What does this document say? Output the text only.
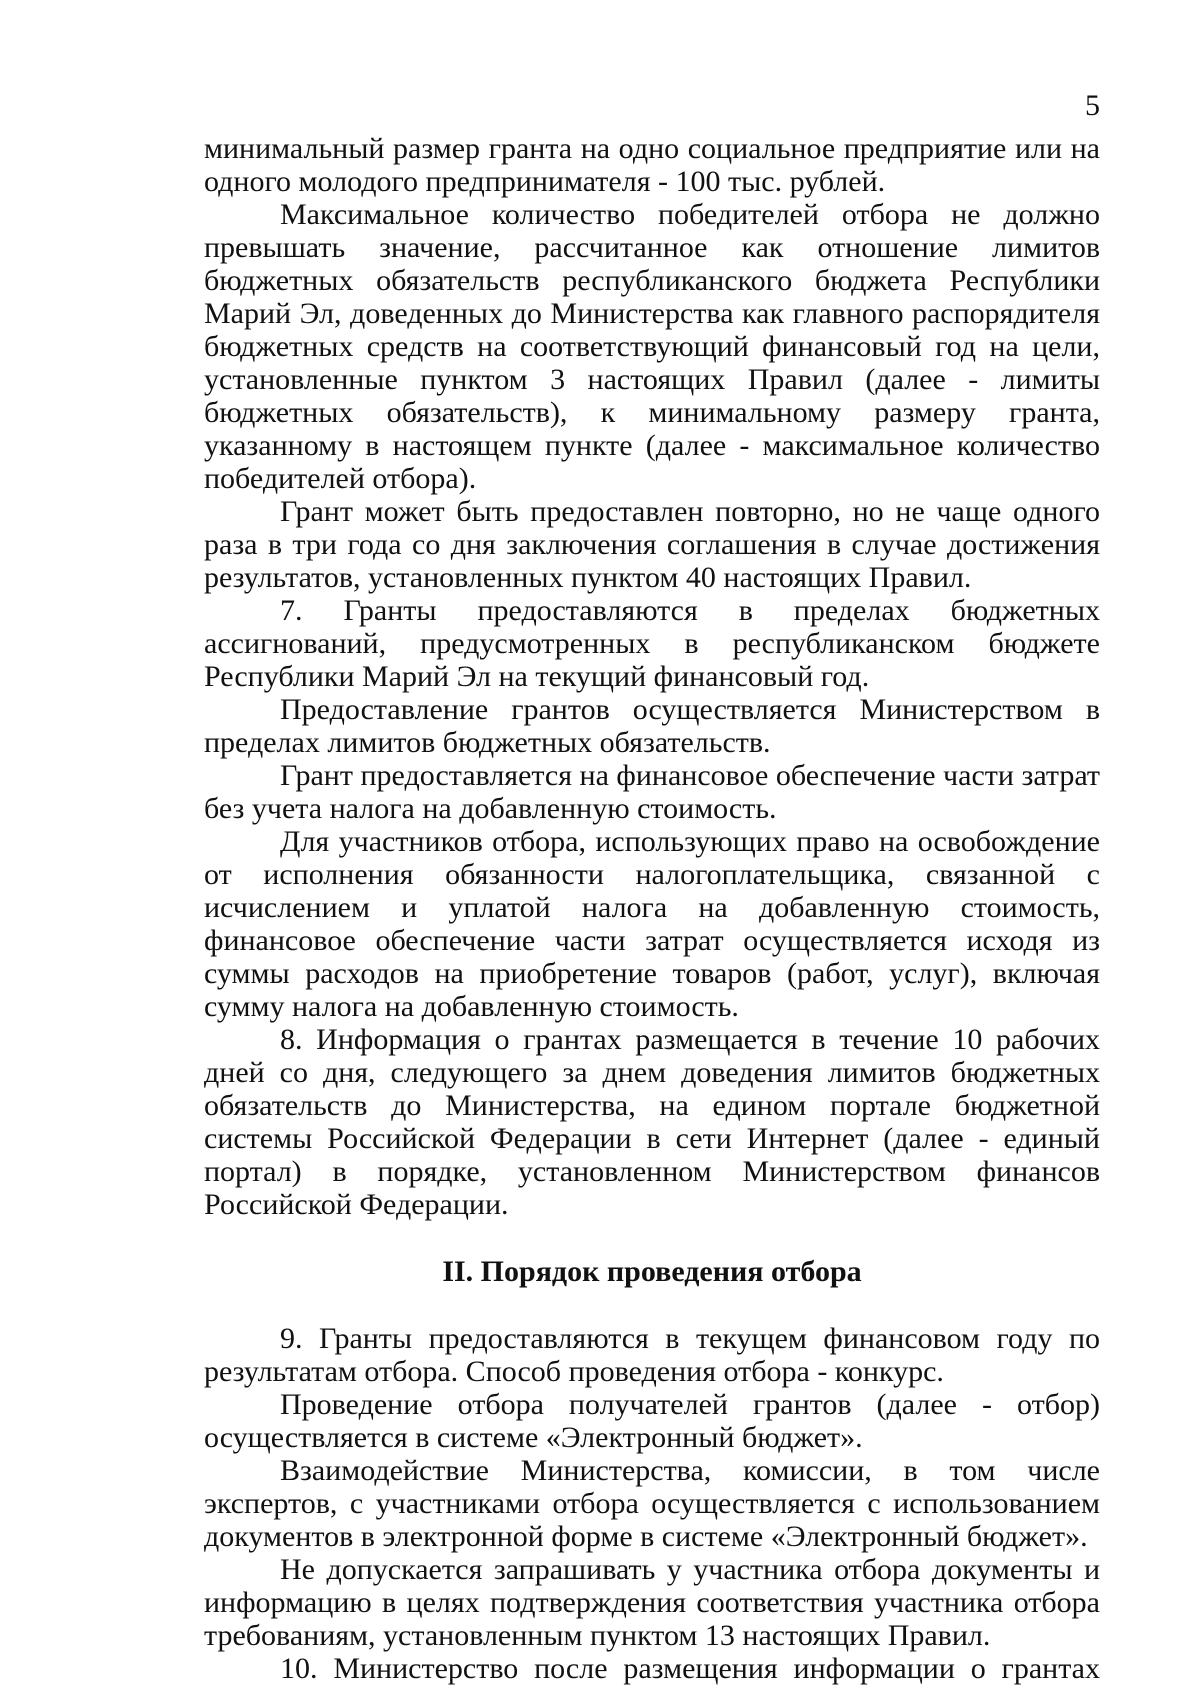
5

минимальный размер гранта на одно социальное предприятие или на одного молодого предпринимателя - 100 тыс. рублей.

Максимальное количество победителей отбора не должно превышать значение, рассчитанное как отношение лимитов бюджетных обязательств республиканского бюджета Республики Марий Эл, доведенных до Министерства как главного распорядителя бюджетных средств на соответствующий финансовый год на цели, установленные пунктом 3 настоящих Правил (далее - лимиты бюджетных обязательств), к минимальному размеру гранта, указанному в настоящем пункте (далее - максимальное количество победителей отбора).

Грант может быть предоставлен повторно, но не чаще одного раза в три года со дня заключения соглашения в случае достижения результатов, установленных пунктом 40 настоящих Правил.

7. Гранты предоставляются в пределах бюджетных ассигнований, предусмотренных в республиканском бюджете Республики Марий Эл на текущий финансовый год.

Предоставление грантов осуществляется Министерством в пределах лимитов бюджетных обязательств.

Грант предоставляется на финансовое обеспечение части затрат без учета налога на добавленную стоимость.

Для участников отбора, использующих право на освобождение от исполнения обязанности налогоплательщика, связанной с исчислением и уплатой налога на добавленную стоимость, финансовое обеспечение части затрат осуществляется исходя из суммы расходов на приобретение товаров (работ, услуг), включая сумму налога на добавленную стоимость.

8. Информация о грантах размещается в течение 10 рабочих дней со дня, следующего за днем доведения лимитов бюджетных обязательств до Министерства, на едином портале бюджетной системы Российской Федерации в сети Интернет (далее - единый портал) в порядке, установленном Министерством финансов Российской Федерации.

II. Порядок проведения отбора

9. Гранты предоставляются в текущем финансовом году по результатам отбора. Способ проведения отбора - конкурс.

Проведение отбора получателей грантов (далее - отбор) осуществляется в системе «Электронный бюджет».

Взаимодействие Министерства, комиссии, в том числе экспертов, с участниками отбора осуществляется с использованием документов в электронной форме в системе «Электронный бюджет».

Не допускается запрашивать у участника отбора документы и информацию в целях подтверждения соответствия участника отбора требованиям, установленным пунктом 13 настоящих Правил.

10. Министерство после размещения информации о грантах
